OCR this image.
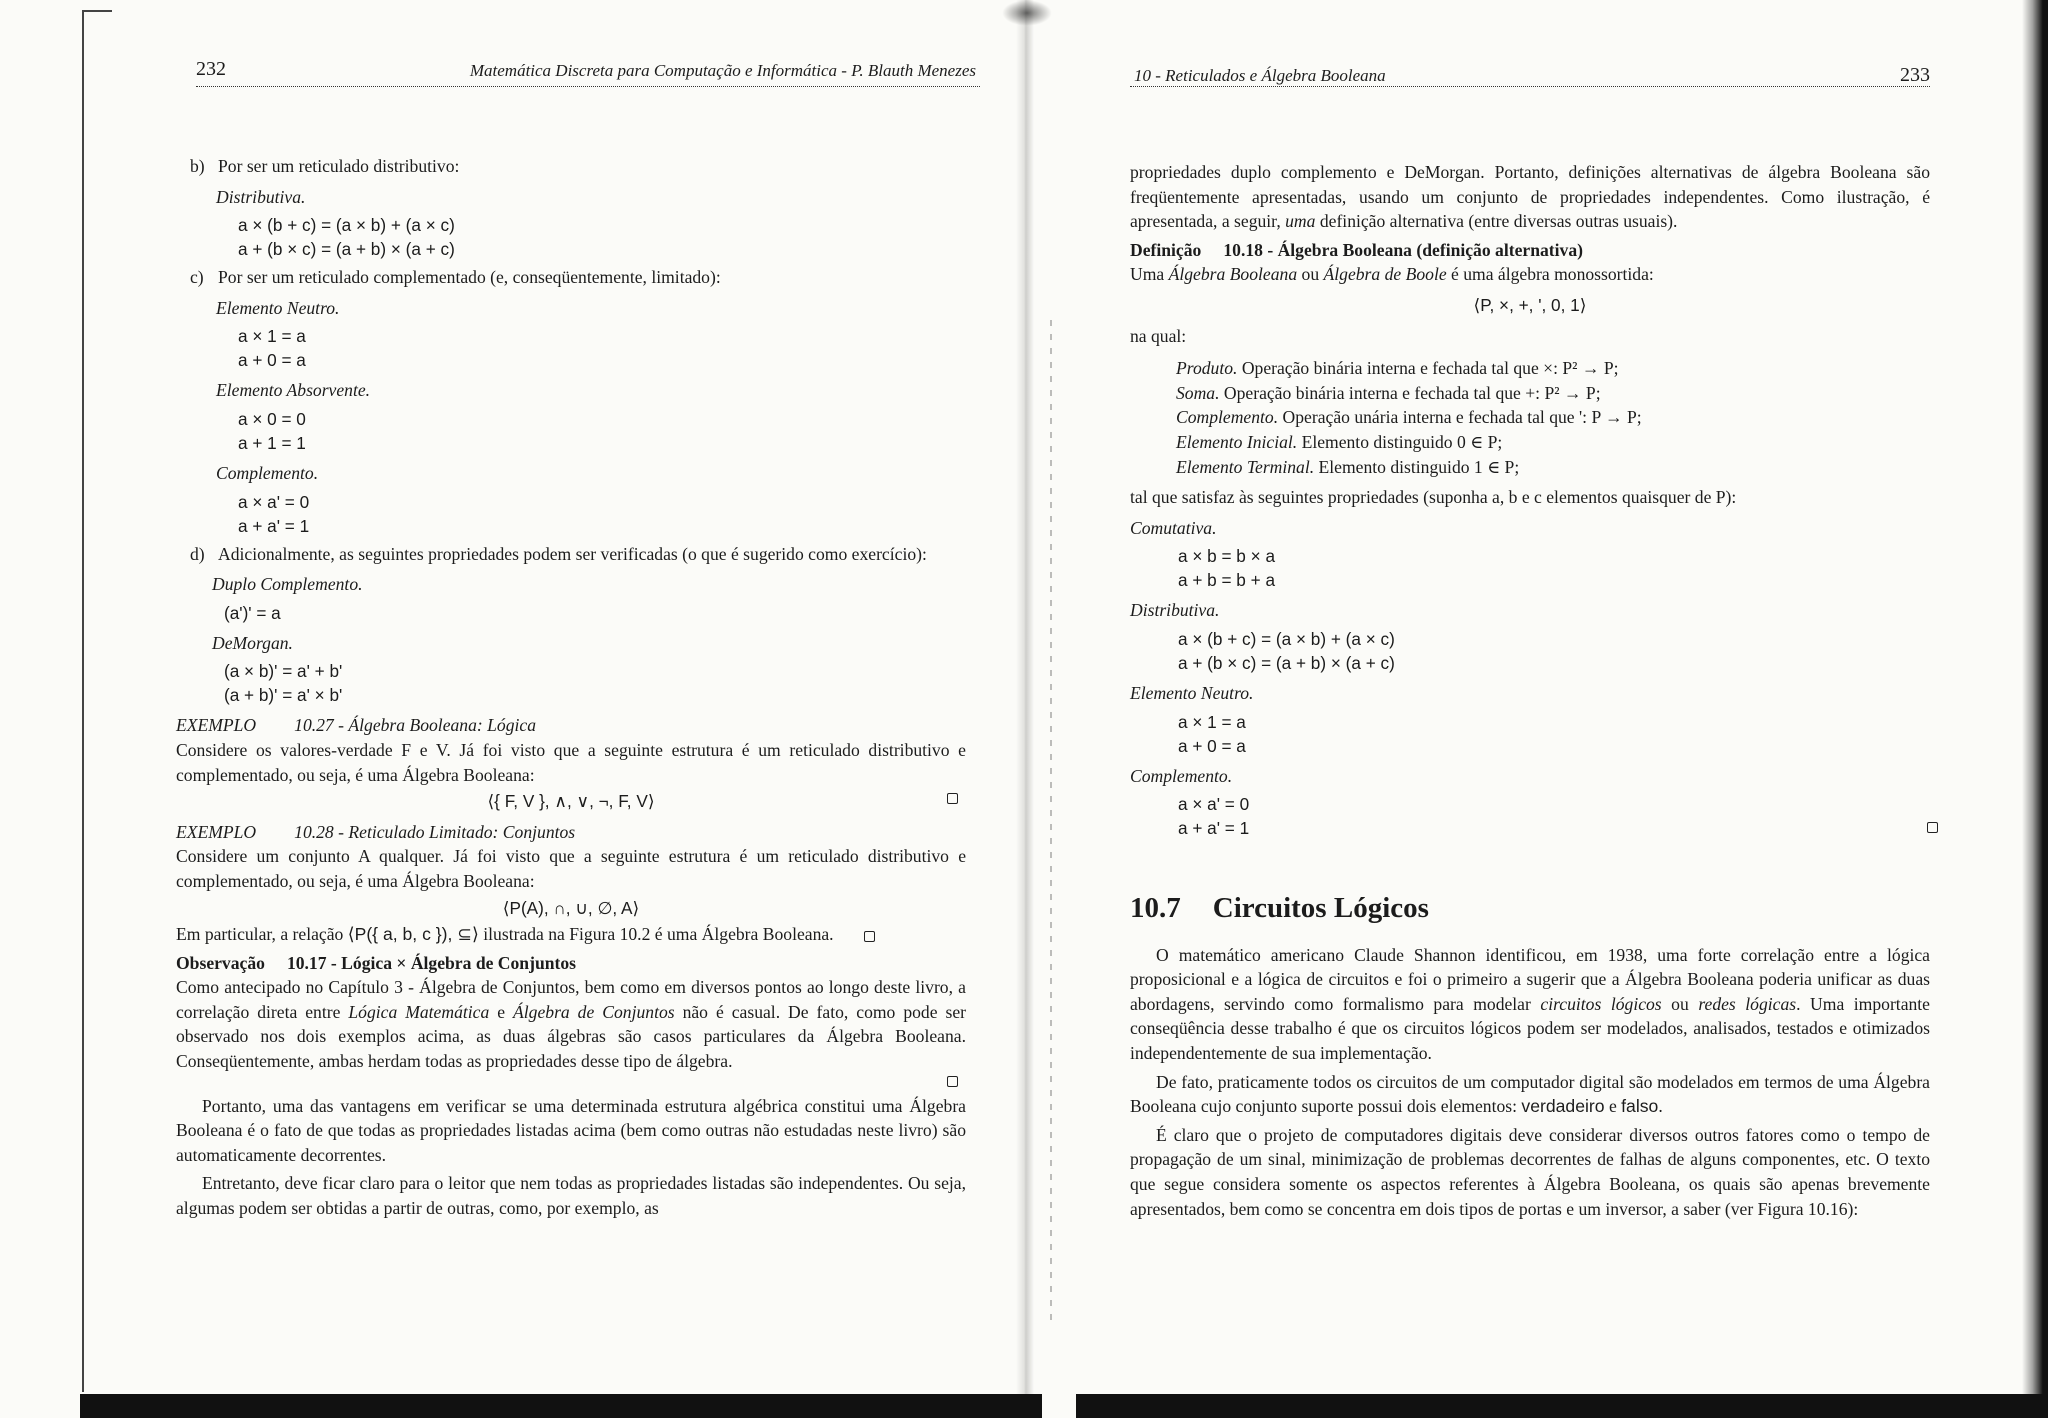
232	Matemática Discreta para Computação e Informática - P. Blauth Menezes
b) Por ser um reticulado distributivo:
Distributiva.
a × (b + c) = (a × b) + (a × c)
a + (b × c) = (a + b) × (a + c)
c) Por ser um reticulado complementado (e, conseqüentemente, limitado):
Elemento Neutro.
a × 1 = a
a + 0 = a
Elemento Absorvente.
a × 0 = 0
a + 1 = 1
Complemento.
a × a' = 0
a + a' = 1
d) Adicionalmente, as seguintes propriedades podem ser verificadas (o que é sugerido como exercício):
Duplo Complemento.
(a')' = a
DeMorgan.
(a × b)' = a' + b'
(a + b)' = a' × b'
EXEMPLO 10.27 - Álgebra Booleana: Lógica

Considere os valores-verdade F e V. Já foi visto que a seguinte estrutura é um reticulado distributivo e complementado, ou seja, é uma Álgebra Booleana:

⟨{ F, V }, ∧, ∨, ¬, F, V⟩
EXEMPLO 10.28 - Reticulado Limitado: Conjuntos

Considere um conjunto A qualquer. Já foi visto que a seguinte estrutura é um reticulado distributivo e complementado, ou seja, é uma Álgebra Booleana:

⟨P(A), ∩, ∪, ∅, A⟩

Em particular, a relação ⟨P({ a, b, c }), ⊆⟩ ilustrada na Figura 10.2 é uma Álgebra Booleana.

Observação 10.17 - Lógica × Álgebra de Conjuntos

Como antecipado no Capítulo 3 - Álgebra de Conjuntos, bem como em diversos pontos ao longo deste livro, a correlação direta entre Lógica Matemática e Álgebra de Conjuntos não é casual. De fato, como pode ser observado nos dois exemplos acima, as duas álgebras são casos particulares da Álgebra Booleana. Conseqüentemente, ambas herdam todas as propriedades desse tipo de álgebra.

Portanto, uma das vantagens em verificar se uma determinada estrutura algébrica constitui uma Álgebra Booleana é o fato de que todas as propriedades listadas acima (bem como outras não estudadas neste livro) são automaticamente decorrentes.

Entretanto, deve ficar claro para o leitor que nem todas as propriedades listadas são independentes. Ou seja, algumas podem ser obtidas a partir de outras, como, por exemplo, as

10 - Reticulados e Álgebra Booleana	233

propriedades duplo complemento e DeMorgan. Portanto, definições alternativas de álgebra Booleana são freqüentemente apresentadas, usando um conjunto de propriedades independentes. Como ilustração, é apresentada, a seguir, uma definição alternativa (entre diversas outras usuais).

Definição 10.18 - Álgebra Booleana (definição alternativa)

Uma Álgebra Booleana ou Álgebra de Boole é uma álgebra monossortida:

⟨P, ×, +, ', 0, 1⟩

na qual:

Produto. Operação binária interna e fechada tal que ×: P² → P;
Soma. Operação binária interna e fechada tal que +: P² → P;
Complemento. Operação unária interna e fechada tal que ': P → P;
Elemento Inicial. Elemento distinguido 0 ∈ P;
Elemento Terminal. Elemento distinguido 1 ∈ P;

tal que satisfaz às seguintes propriedades (suponha a, b e c elementos quaisquer de P):

Comutativa.
a × b = b × a
a + b = b + a
Distributiva.
a × (b + c) = (a × b) + (a × c)
a + (b × c) = (a + b) × (a + c)
Elemento Neutro.
a × 1 = a
a + 0 = a
Complemento.
a × a' = 0
a + a' = 1
10.7 Circuitos Lógicos

O matemático americano Claude Shannon identificou, em 1938, uma forte correlação entre a lógica proposicional e a lógica de circuitos e foi o primeiro a sugerir que a Álgebra Booleana poderia unificar as duas abordagens, servindo como formalismo para modelar circuitos lógicos ou redes lógicas. Uma importante conseqüência desse trabalho é que os circuitos lógicos podem ser modelados, analisados, testados e otimizados independentemente de sua implementação.

De fato, praticamente todos os circuitos de um computador digital são modelados em termos de uma Álgebra Booleana cujo conjunto suporte possui dois elementos: verdadeiro e falso.

É claro que o projeto de computadores digitais deve considerar diversos outros fatores como o tempo de propagação de um sinal, minimização de problemas decorrentes de falhas de alguns componentes, etc. O texto que segue considera somente os aspectos referentes à Álgebra Booleana, os quais são apenas brevemente apresentados, bem como se concentra em dois tipos de portas e um inversor, a saber (ver Figura 10.16):
